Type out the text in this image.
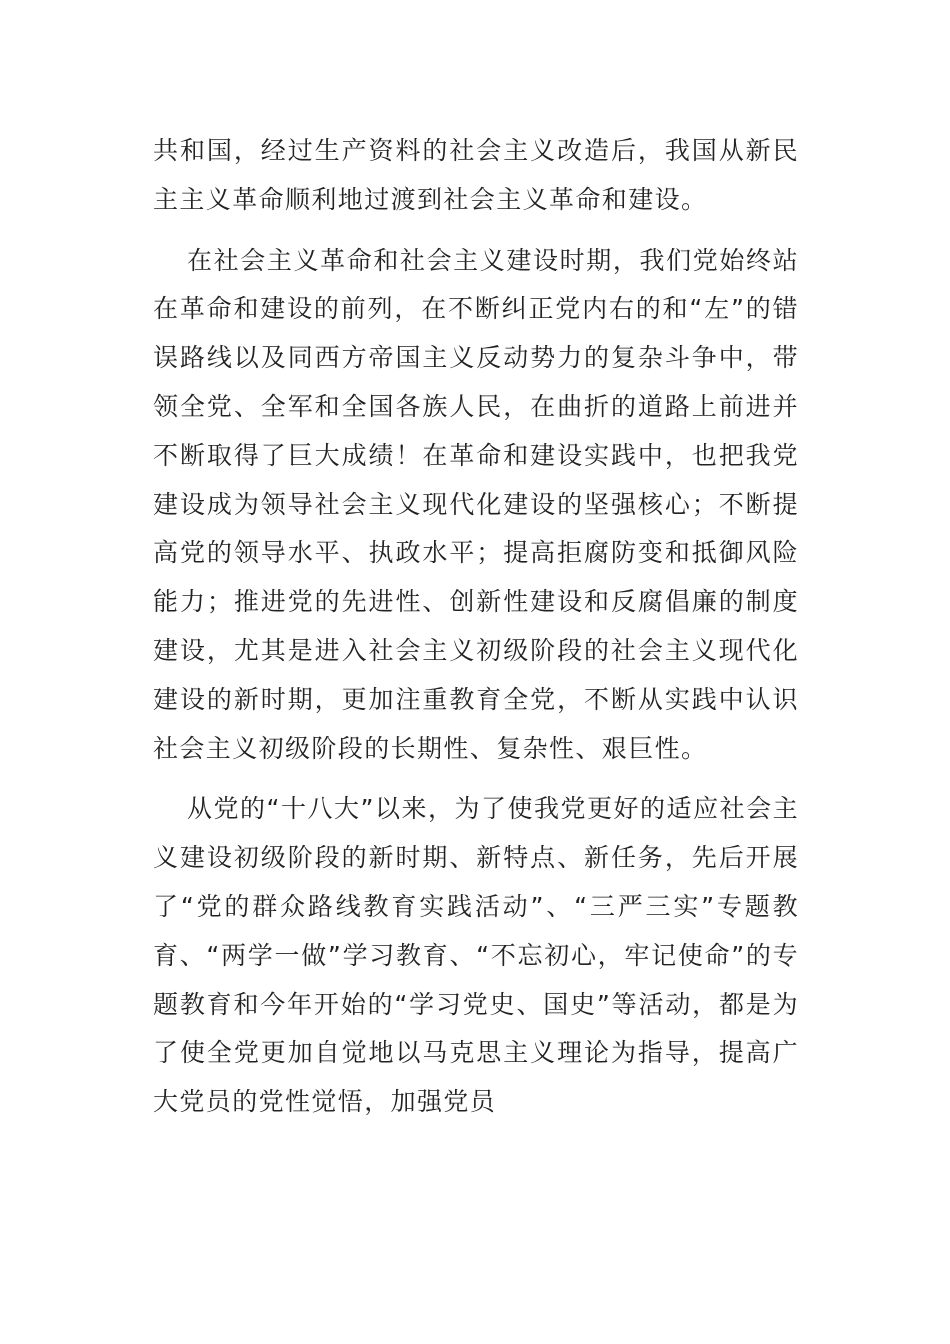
共和国，经过生产资料的社会主义改造后，我国从新民主主义革命顺利地过渡到社会主义革命和建设。

在社会主义革命和社会主义建设时期，我们党始终站在革命和建设的前列，在不断纠正党内右的和“左”的错误路线以及同西方帝国主义反动势力的复杂斗争中，带领全党、全军和全国各族人民，在曲折的道路上前进并不断取得了巨大成绩！在革命和建设实践中，也把我党建设成为领导社会主义现代化建设的坚强核心；不断提高党的领导水平、执政水平；提高拒腐防变和抵御风险能力；推进党的先进性、创新性建设和反腐倡廉的制度建设，尤其是进入社会主义初级阶段的社会主义现代化建设的新时期，更加注重教育全党，不断从实践中认识社会主义初级阶段的长期性、复杂性、艰巨性。

从党的“十八大”以来，为了使我党更好的适应社会主义建设初级阶段的新时期、新特点、新任务，先后开展了“党的群众路线教育实践活动”、“三严三实”专题教育、“两学一做”学习教育、“不忘初心，牢记使命”的专题教育和今年开始的“学习党史、国史”等活动，都是为了使全党更加自觉地以马克思主义理论为指导，提高广大党员的党性觉悟，加强党员
